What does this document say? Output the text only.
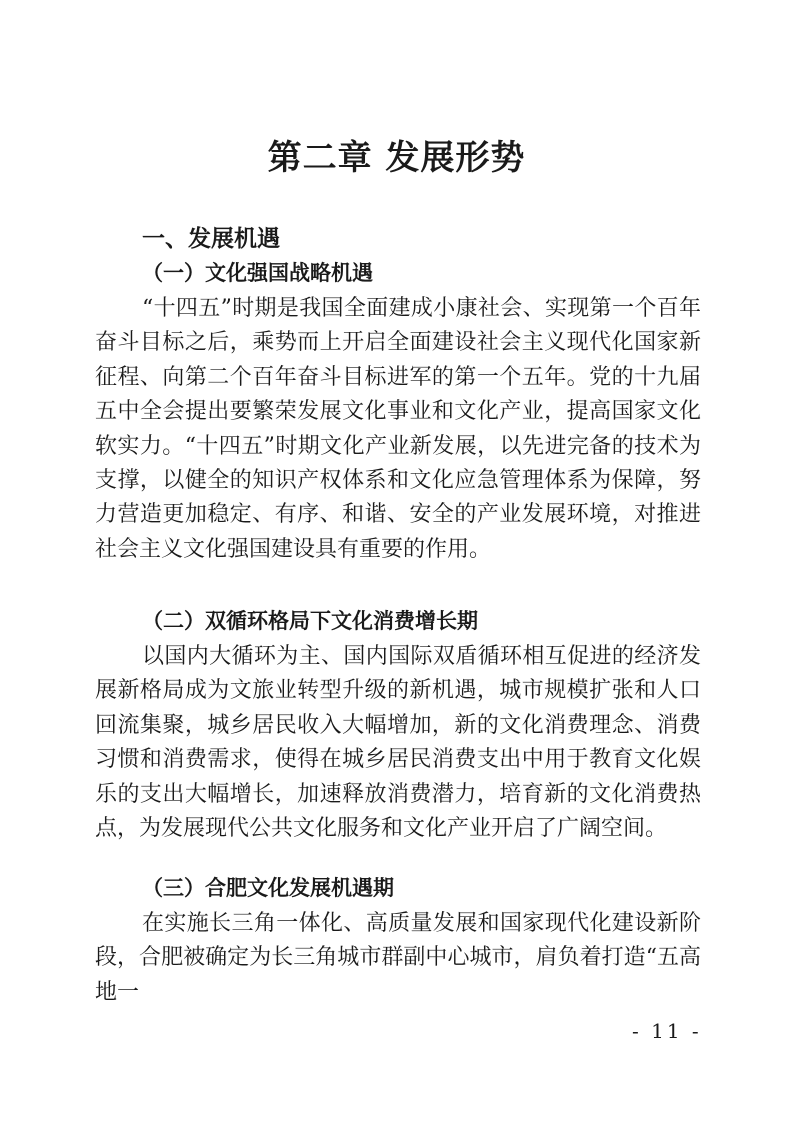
第二章 发展形势
一、发展机遇
（一）文化强国战略机遇

“十四五”时期是我国全面建成小康社会、实现第一个百年奋斗目标之后，乘势而上开启全面建设社会主义现代化国家新征程、向第二个百年奋斗目标进军的第一个五年。党的十九届五中全会提出要繁荣发展文化事业和文化产业，提高国家文化软实力。“十四五”时期文化产业新发展，以先进完备的技术为支撑，以健全的知识产权体系和文化应急管理体系为保障，努力营造更加稳定、有序、和谐、安全的产业发展环境，对推进社会主义文化强国建设具有重要的作用。

（二）双循环格局下文化消费增长期

以国内大循环为主、国内国际双盾循环相互促进的经济发展新格局成为文旅业转型升级的新机遇，城市规模扩张和人口回流集聚，城乡居民收入大幅增加，新的文化消费理念、消费习惯和消费需求，使得在城乡居民消费支出中用于教育文化娱乐的支出大幅增长，加速释放消费潜力，培育新的文化消费热点，为发展现代公共文化服务和文化产业开启了广阔空间。

（三）合肥文化发展机遇期

在实施长三角一体化、高质量发展和国家现代化建设新阶段，合肥被确定为长三角城市群副中心城市，肩负着打造“五高地一

- 11 -
